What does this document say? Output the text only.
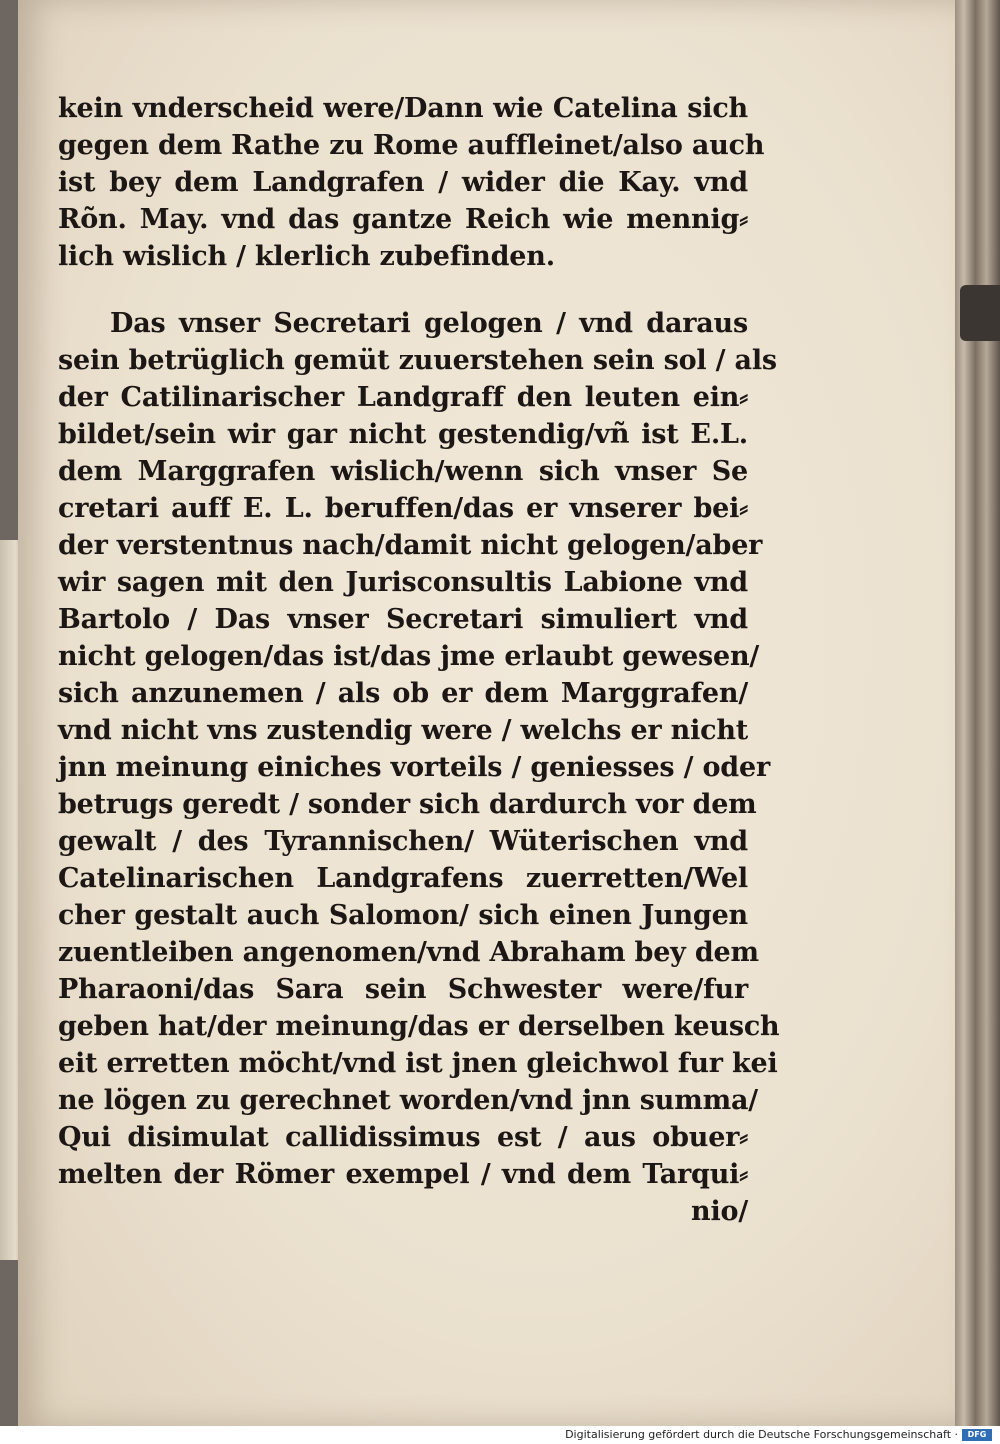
kein vnderscheid were/Dann wie Catelina sich
gegen dem Rathe zu Rome auffleinet/also auch
ist bey dem Landgrafen / wider die Kay. vnd
Rõn. May. vnd das gantze Reich wie mennig⸗
lich wislich / klerlich zubefinden.
Das vnser Secretari gelogen / vnd daraus
sein betrüglich gemüt zuuerstehen sein sol / als
der Catilinarischer Landgraff den leuten ein⸗
bildet/sein wir gar nicht gestendig/vñ ist E.L.
dem Marggrafen wislich/wenn sich vnser Se
cretari auff E. L. beruffen/das er vnserer bei⸗
der verstentnus nach/damit nicht gelogen/aber
wir sagen mit den Jurisconsultis Labione vnd
Bartolo / Das vnser Secretari simuliert vnd
nicht gelogen/das ist/das jme erlaubt gewesen/
sich anzunemen / als ob er dem Marggrafen/
vnd nicht vns zustendig were / welchs er nicht
jnn meinung einiches vorteils / geniesses / oder
betrugs geredt / sonder sich dardurch vor dem
gewalt / des Tyrannischen/ Wüterischen vnd
Catelinarischen Landgrafens zuerretten/Wel
cher gestalt auch Salomon/ sich einen Jungen
zuentleiben angenomen/vnd Abraham bey dem
Pharaoni/das Sara sein Schwester were/fur
geben hat/der meinung/das er derselben keusch
eit erretten möcht/vnd ist jnen gleichwol fur kei
ne lögen zu gerechnet worden/vnd jnn summa/
Qui disimulat callidissimus est / aus obuer⸗
melten der Römer exempel / vnd dem Tarqui⸗
nio/
Digitalisierung gefördert durch die Deutsche Forschungsgemeinschaft ·	DFG
